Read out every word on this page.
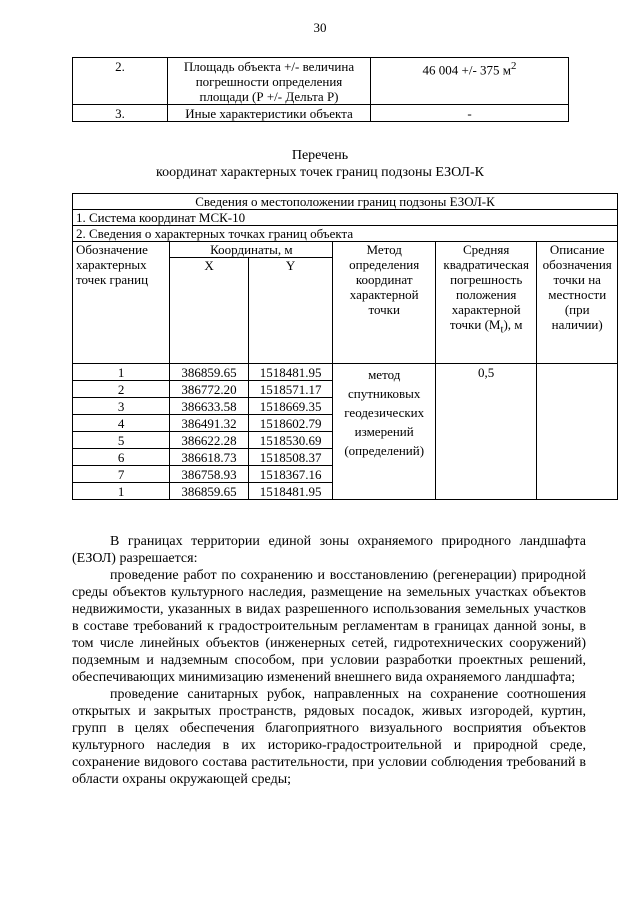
30
2.	Площадь объекта +/- величина погрешности определения площади (Р +/- Дельта Р)	46 004 +/- 375 $м^2$
3.	Иные характеристики объекта	-
Перечень
координат характерных точек границ подзоны ЕЗОЛ-К
Сведения о местоположении границ подзоны ЕЗОЛ-К					
1. Система координат МСК-10					
2. Сведения о характерных точках границ объекта					
Обозначение характерных точек границ	Координаты, м		Метод определения координат характерной точки	Средняя квадратическая погрешность положения характерной точки $(M_t)$, м	Описание обозначения точки на местности (при наличии)
	X	Y			
1	386859.65	1518481.95	метод спутниковых геодезических измерений (определений)	0,5	
2	386772.20	1518571.17			
3	386633.58	1518669.35			
4	386491.32	1518602.79			
5	386622.28	1518530.69			
6	386618.73	1518508.37			
7	386758.93	1518367.16			
1	386859.65	1518481.95			

В границах территории единой зоны охраняемого природного ландшафта (ЕЗОЛ) разрешается:

проведение работ по сохранению и восстановлению (регенерации) природной среды объектов культурного наследия, размещение на земельных участках объектов недвижимости, указанных в видах разрешенного использования земельных участков в составе требований к градостроительным регламентам в границах данной зоны, в том числе линейных объектов (инженерных сетей, гидротехнических сооружений) подземным и надземным способом, при условии разработки проектных решений, обеспечивающих минимизацию изменений внешнего вида охраняемого ландшафта;

проведение санитарных рубок, направленных на сохранение соотношения открытых и закрытых пространств, рядовых посадок, живых изгородей, куртин, групп в целях обеспечения благоприятного визуального восприятия объектов культурного наследия в их историко-градостроительной и природной среде, сохранение видового состава растительности, при условии соблюдения требований в области охраны окружающей среды;
